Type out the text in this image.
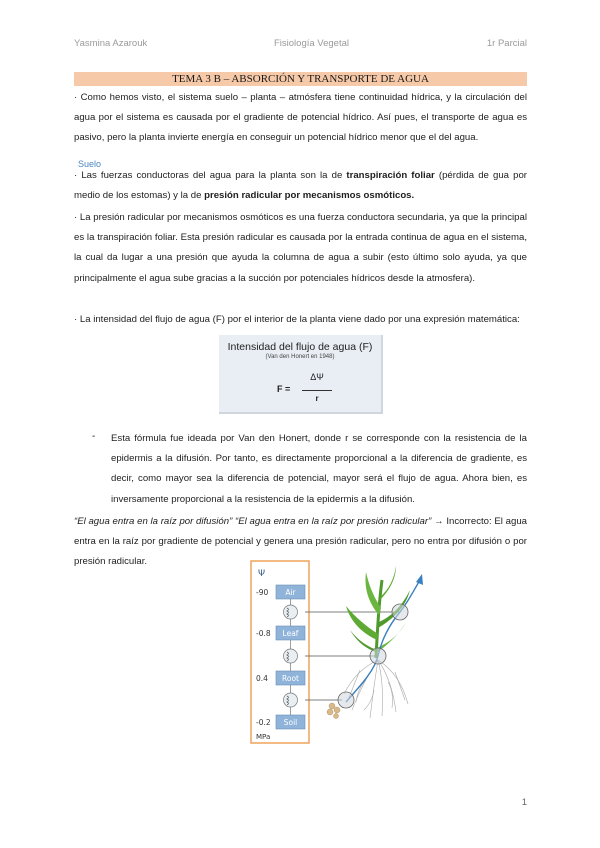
Yasmina Azarouk	Fisiología Vegetal	1r Parcial
TEMA 3 B – ABSORCIÓN Y TRANSPORTE DE AGUA

· Como hemos visto, el sistema suelo – planta – atmósfera tiene continuidad hídrica, y la circulación del agua por el sistema es causada por el gradiente de potencial hídrico. Así pues, el transporte de agua es pasivo, pero la planta invierte energía en conseguir un potencial hídrico menor que el del agua.

Suelo

· Las fuerzas conductoras del agua para la planta son la de transpiración foliar (pérdida de gua por medio de los estomas) y la de presión radicular por mecanismos osmóticos.

· La presión radicular por mecanismos osmóticos es una fuerza conductora secundaria, ya que la principal es la transpiración foliar. Esta presión radicular es causada por la entrada continua de agua en el sistema, la cual da lugar a una presión que ayuda la columna de agua a subir (esto último solo ayuda, ya que principalmente el agua sube gracias a la succión por potenciales hídricos desde la atmosfera).

· La intensidad del flujo de agua (F) por el interior de la planta viene dado por una expresión matemática:

Intensidad del flujo de agua (F)
(Van den Honert en 1948)
F =
ΔΨ
r
- Esta fórmula fue ideada por Van den Honert, donde r se corresponde con la resistencia de la epidermis a la difusión. Por tanto, es directamente proporcional a la diferencia de gradiente, es decir, como mayor sea la diferencia de potencial, mayor será el flujo de agua. Ahora bien, es inversamente proporcional a la resistencia de la epidermis a la difusión.

“El agua entra en la raíz por difusión” “El agua entra en la raíz por presión radicular” → Incorrecto: El agua entra en la raíz por gradiente de potencial y genera una presión radicular, pero no entra por difusión o por presión radicular.

Ψ
-90 Air
-0.8 Leaf
0.4 Root
-0.2 Soil
MPa
1
